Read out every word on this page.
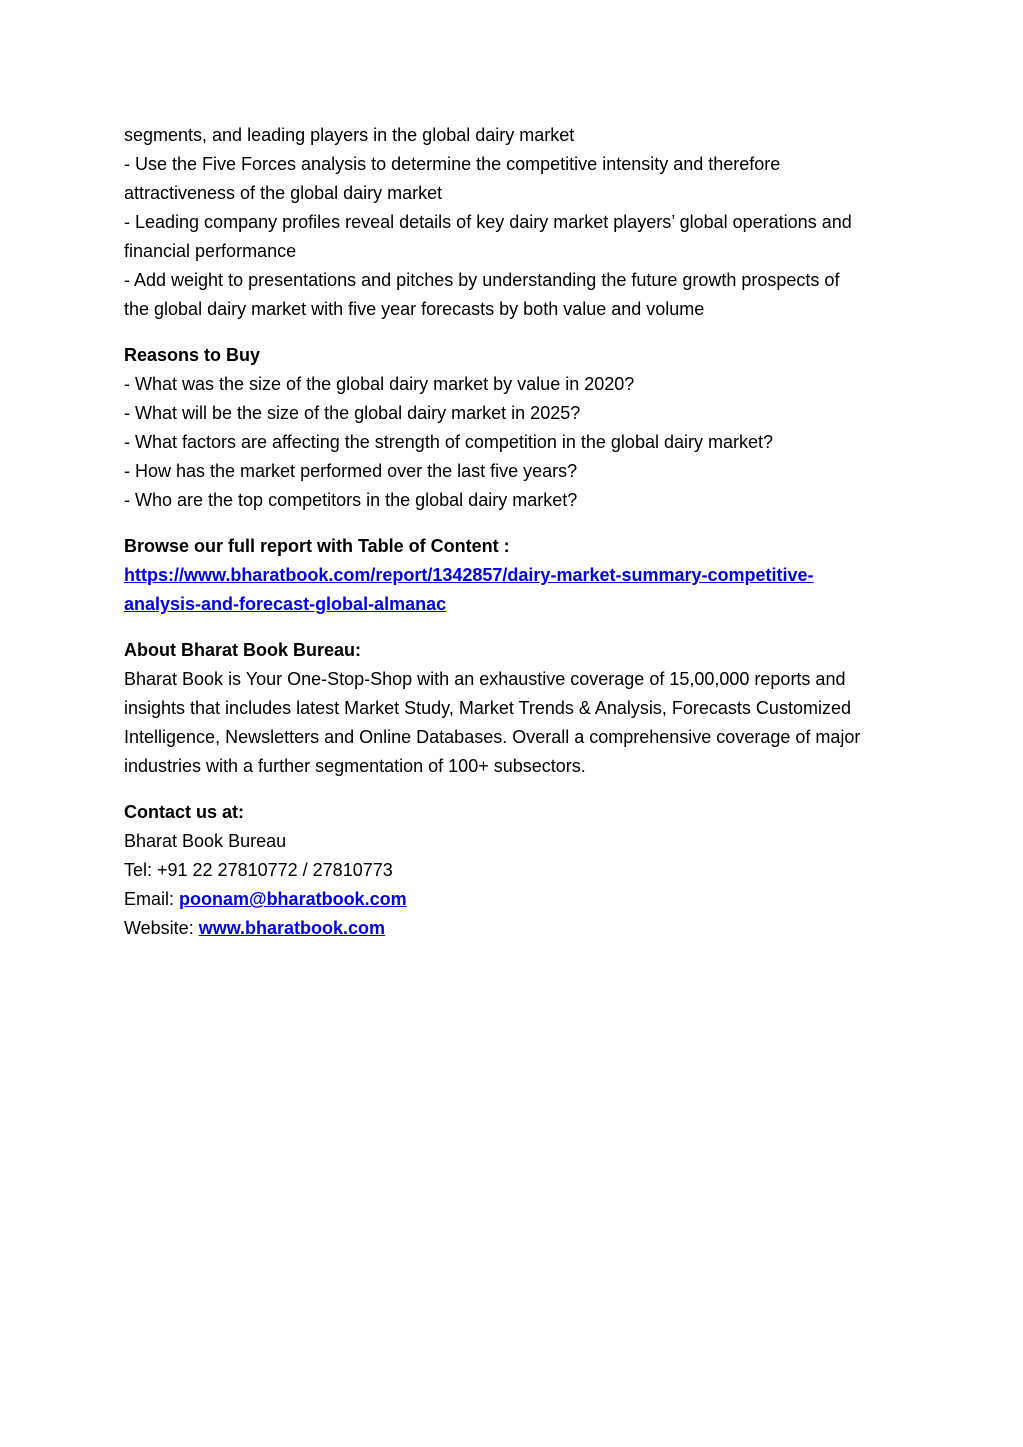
segments, and leading players in the global dairy market
- Use the Five Forces analysis to determine the competitive intensity and therefore
attractiveness of the global dairy market
- Leading company profiles reveal details of key dairy market players’ global operations and
financial performance
- Add weight to presentations and pitches by understanding the future growth prospects of
the global dairy market with five year forecasts by both value and volume
Reasons to Buy
- What was the size of the global dairy market by value in 2020?
- What will be the size of the global dairy market in 2025?
- What factors are affecting the strength of competition in the global dairy market?
- How has the market performed over the last five years?
- Who are the top competitors in the global dairy market?
Browse our full report with Table of Content :
https://www.bharatbook.com/report/1342857/dairy-market-summary-competitive-
analysis-and-forecast-global-almanac
About Bharat Book Bureau:
Bharat Book is Your One-Stop-Shop with an exhaustive coverage of 15,00,000 reports and
insights that includes latest Market Study, Market Trends & Analysis, Forecasts Customized
Intelligence, Newsletters and Online Databases. Overall a comprehensive coverage of major
industries with a further segmentation of 100+ subsectors.
Contact us at:
Bharat Book Bureau
Tel: +91 22 27810772 / 27810773
Email: poonam@bharatbook.com
Website: www.bharatbook.com
